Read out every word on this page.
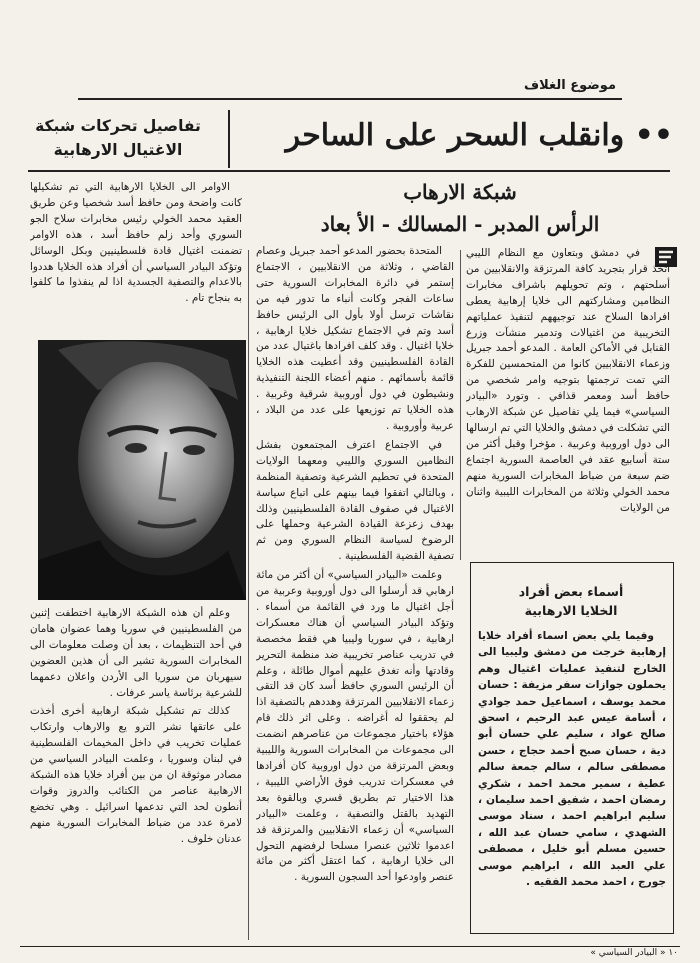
موضوع الغلاف
•• وانقلب السحر على الساحر
تفاصيل تحركات شبكة الاغتيال الارهابية
شبكة الارهاب
الرأس المدبر - المسالك - الأ بعاد

في دمشق وبتعاون مع النظام الليبي اتخذ قرار بتجريد كافة المرتزقة والانقلابيين من أسلحتهم ، وتم تحويلهم باشراف مخابرات النظامين ومشاركتهم الى خلايا إرهابية يعطى افرادها السلاح عند توجيههم لتنفيذ عملياتهم التخريبية من اغتيالات وتدمير منشآت وزرع القنابل في الأماكن العامة . المدعو أحمد جبريل وزعماء الانقلابيين كانوا من المتحمسين للفكرة التي تمت ترجمتها بتوجيه وامر شخصي من حافظ أسد ومعمر قذافي . وتورد «البيادر السياسي» فيما يلي تفاصيل عن شبكة الارهاب التي تشكلت في دمشق والخلايا التي تم ارسالها الى دول اوروبية وعربية . مؤخرا وقبل أكثر من ستة أسابيع عقد في العاصمة السورية اجتماع ضم سبعة من ضباط المخابرات السورية منهم محمد الخولي وثلاثة من المخابرات الليبية واثنان من الولايات

أسماء بعض أفراد
الخلايا الارهابية

وفيما يلي بعض اسماء أفراد خلايا إرهابية خرجت من دمشق وليبيا الى الخارج لتنفيذ عمليات اغتيال وهم يحملون جوازات سفر مزيفة : حسان محمد يوسف ، اسماعيل حمد جوادي ، أسامة عيس عبد الرحيم ، اسحق صالح عواد ، سليم علي حسان أبو دية ، حسان صبح أحمد حجاج ، حسن مصطفى سالم ، سالم جمعة سالم عطية ، سمير محمد احمد ، شكري رمضان احمد ، شفيق احمد سليمان ، سليم ابراهيم احمد ، سناد موسى الشهدي ، سامي حسان عبد الله ، حسين مسلم أبو خليل ، مصطفى علي العبد الله ، ابراهيم موسى جورج ، احمد محمد الفقيه .

المتحدة بحضور المدعو أحمد جبريل وعصام القاضي ، وثلاثة من الانقلابيين ، الاجتماع إستمر في دائرة المخابرات السورية حتى ساعات الفجر وكانت أنباء ما تدور فيه من نقاشات ترسل أولا بأول الى الرئيس حافظ أسد وتم في الاجتماع تشكيل خلايا ارهابية ، خلايا اغتيال . وقد كلف افرادها باغتيال عدد من القادة الفلسطينيين وقد أعطيت هذه الخلايا قائمة بأسمائهم . منهم أعضاء اللجنة التنفيذية ونشيطون في دول أوروبية شرقية وغربية . هذه الخلايا تم توزيعها على عدد من البلاد ، عربية وأوروبية .

في الاجتماع اعترف المجتمعون بفشل النظامين السوري والليبي ومعهما الولايات المتحدة في تحطيم الشرعية وتصفية المنظمة ، وبالتالي اتفقوا فيما بينهم على اتباع سياسة الاغتيال في صفوف القادة الفلسطينيين وذلك بهدف زعزعة القيادة الشرعية وحملها على الرضوخ لسياسة النظام السوري ومن ثم تصفية القضية الفلسطينية .

وعلمت «البيادر السياسي» أن أكثر من مائة ارهابي قد أرسلوا الى دول أوروبية وعربية من أجل اغتيال ما ورد في القائمة من أسماء . وتؤكد البيادر السياسي أن هناك معسكرات ارهابية ، في سوريا وليبيا هي فقط مخصصة في تدريب عناصر تخريبية ضد منظمة التحرير وقادتها وأنه تغدق عليهم أموال طائلة ، وعلم أن الرئيس السوري حافظ أسد كان قد التقى زعماء الانقلابيين المرتزقة وهددهم بالتصفية اذا لم يحققوا له أغراضه . وعلى اثر ذلك قام هؤلاء باختيار مجموعات من عناصرهم انضمت الى مجموعات من المخابرات السورية والليبية وبعض المرتزقة من دول اوروبية كان أفرادها في معسكرات تدريب فوق الأراضي الليبية ، هذا الاختيار تم بطريق قسري وبالقوة بعد التهديد بالقتل والتصفية ، وعلمت «البيادر السياسي» أن زعماء الانقلابيين والمرتزقة قد اعدموا ثلاثين عنصرا مسلحا لرفضهم التحول الى خلايا ارهابية ، كما اعتقل أكثر من مائة عنصر واودعوا أحد السجون السورية .

الاوامر الى الخلايا الارهابية التي تم تشكيلها كانت واضحة ومن حافظ أسد شخصيا وعن طريق العقيد محمد الخولي رئيس مخابرات سلاح الجو السوري وأحد زلم حافظ أسد ، هذه الاوامر تضمنت اغتيال قادة فلسطينيين وبكل الوسائل وتؤكد البيادر السياسي أن أفراد هذه الخلايا هددوا بالاعدام والتصفية الجسدية اذا لم ينفذوا ما كلفوا به بنجاح تام .

وعلم أن هذه الشبكة الارهابية اختطفت إثنين من الفلسطينيين في سوريا وهما عضوان هامان في أحد التنظيمات ، بعد أن وصلت معلومات الى المخابرات السورية تشير الى أن هذين العضوين سيهربان من سوريا الى الأردن واعلان دعمهما للشرعية برئاسة ياسر عرفات .

كذلك تم تشكيل شبكة ارهابية أخرى أخذت على عاتقها نشر الترو يع والارهاب وارتكاب عمليات تخريب في داخل المخيمات الفلسطينية في لبنان وسوريا ، وعلمت البيادر السياسي من مصادر موثوقة ان من بين أفراد خلايا هذه الشبكة الارهابية عناصر من الكتائب والدروز وقوات أنطون لحد التي تدعمها اسرائيل . وهي تخضع لامرة عدد من ضباط المخابرات السورية منهم عدنان خلوف .

١٠ « البيادر السياسي »
